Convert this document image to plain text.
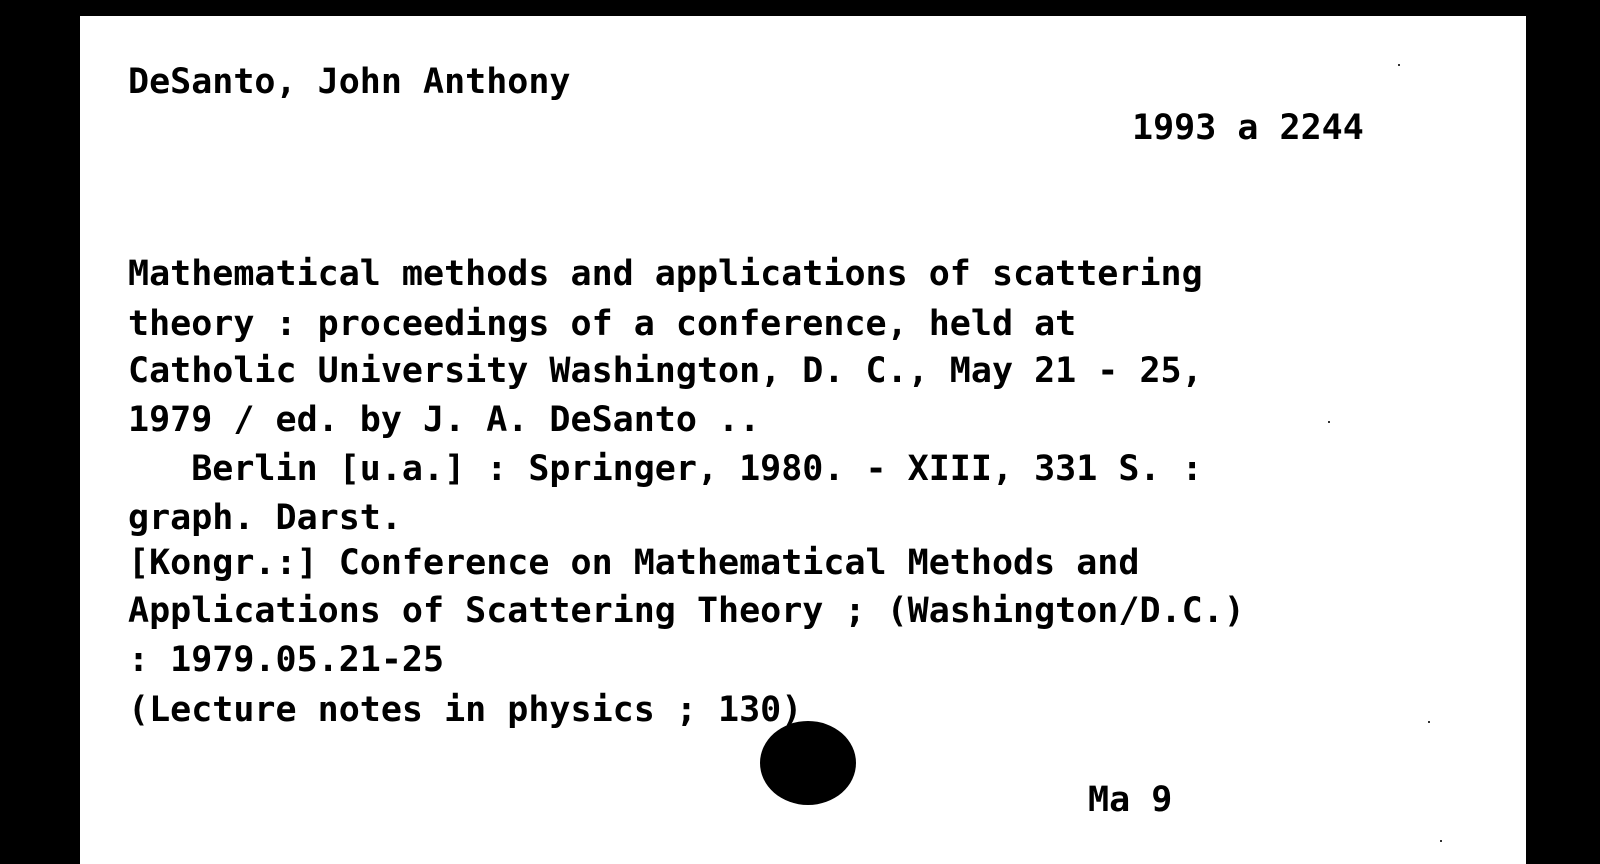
DeSanto, John Anthony
1993 a 2244
Mathematical methods and applications of scattering
theory : proceedings of a conference, held at
Catholic University Washington, D. C., May 21 - 25,
1979 / ed. by J. A. DeSanto ..
Berlin [u.a.] : Springer, 1980. - XIII, 331 S. :
graph. Darst.
[Kongr.:] Conference on Mathematical Methods and
Applications of Scattering Theory ; (Washington/D.C.)
: 1979.05.21-25
(Lecture notes in physics ; 130)
Ma 9
